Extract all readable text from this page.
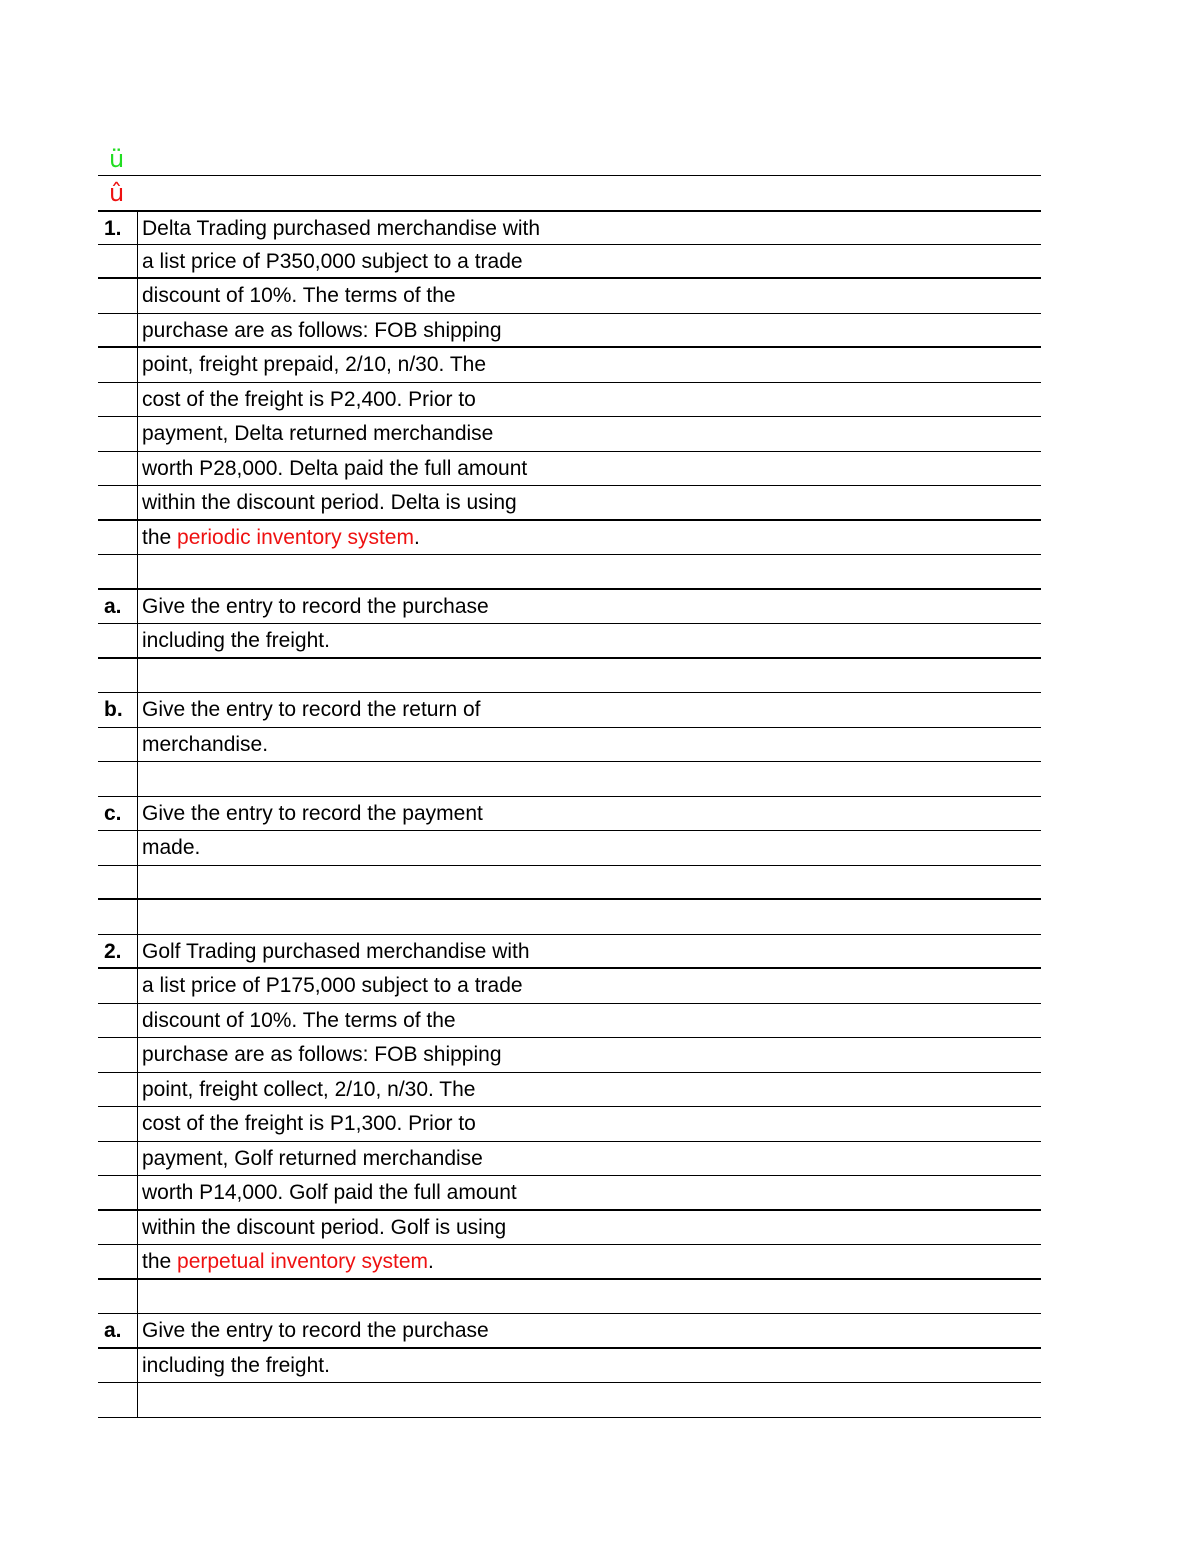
ü
û
1. Delta Trading purchased merchandise with
a list price of P350,000 subject to a trade
discount of 10%. The terms of the
purchase are as follows: FOB shipping
point, freight prepaid, 2/10, n/30. The
cost of the freight is P2,400. Prior to
payment, Delta returned merchandise
worth P28,000. Delta paid the full amount
within the discount period. Delta is using
the periodic inventory system.
a. Give the entry to record the purchase
including the freight.
b. Give the entry to record the return of
merchandise.
c. Give the entry to record the payment
made.
2. Golf Trading purchased merchandise with
a list price of P175,000 subject to a trade
discount of 10%. The terms of the
purchase are as follows: FOB shipping
point, freight collect, 2/10, n/30. The
cost of the freight is P1,300. Prior to
payment, Golf returned merchandise
worth P14,000. Golf paid the full amount
within the discount period. Golf is using
the perpetual inventory system.
a. Give the entry to record the purchase
including the freight.
